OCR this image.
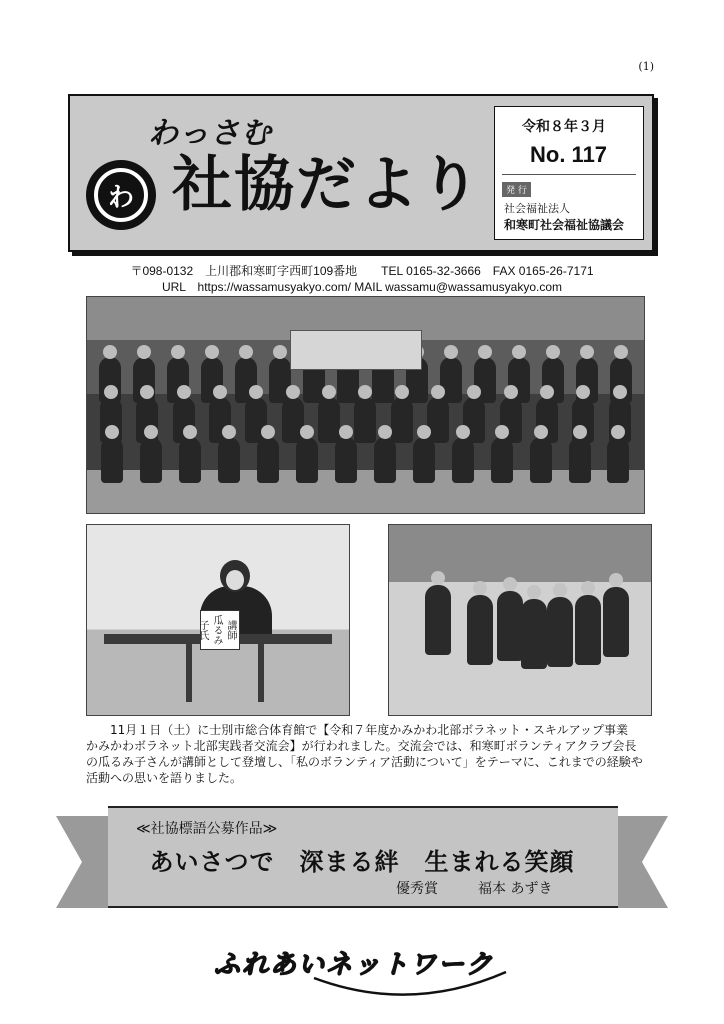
(1)
わっさむ
わ 社協だより
令和８年３月
No. 117
発 行
社会福祉法人
和寒町社会福祉協議会
〒098-0132　上川郡和寒町字西町109番地　　TEL 0165-32-3666　FAX 0165-26-7171
URL　https://wassamusyakyo.com/ MAIL wassamu@wassamusyakyo.com
講師　瓜るみ子氏
11月１日（土）に士別市総合体育館で【令和７年度かみかわ北部ボラネット・スキルアップ事業　かみかわボラネット北部実践者交流会】が行われました。交流会では、和寒町ボランティアクラブ会長の瓜るみ子さんが講師として登壇し、「私のボランティア活動について」をテーマに、これまでの経験や活動への思いを語りました。
≪社協標語公募作品≫
あいさつで　深まる絆　生まれる笑顔
優秀賞	福本 あずき
ふれあいネットワーク
